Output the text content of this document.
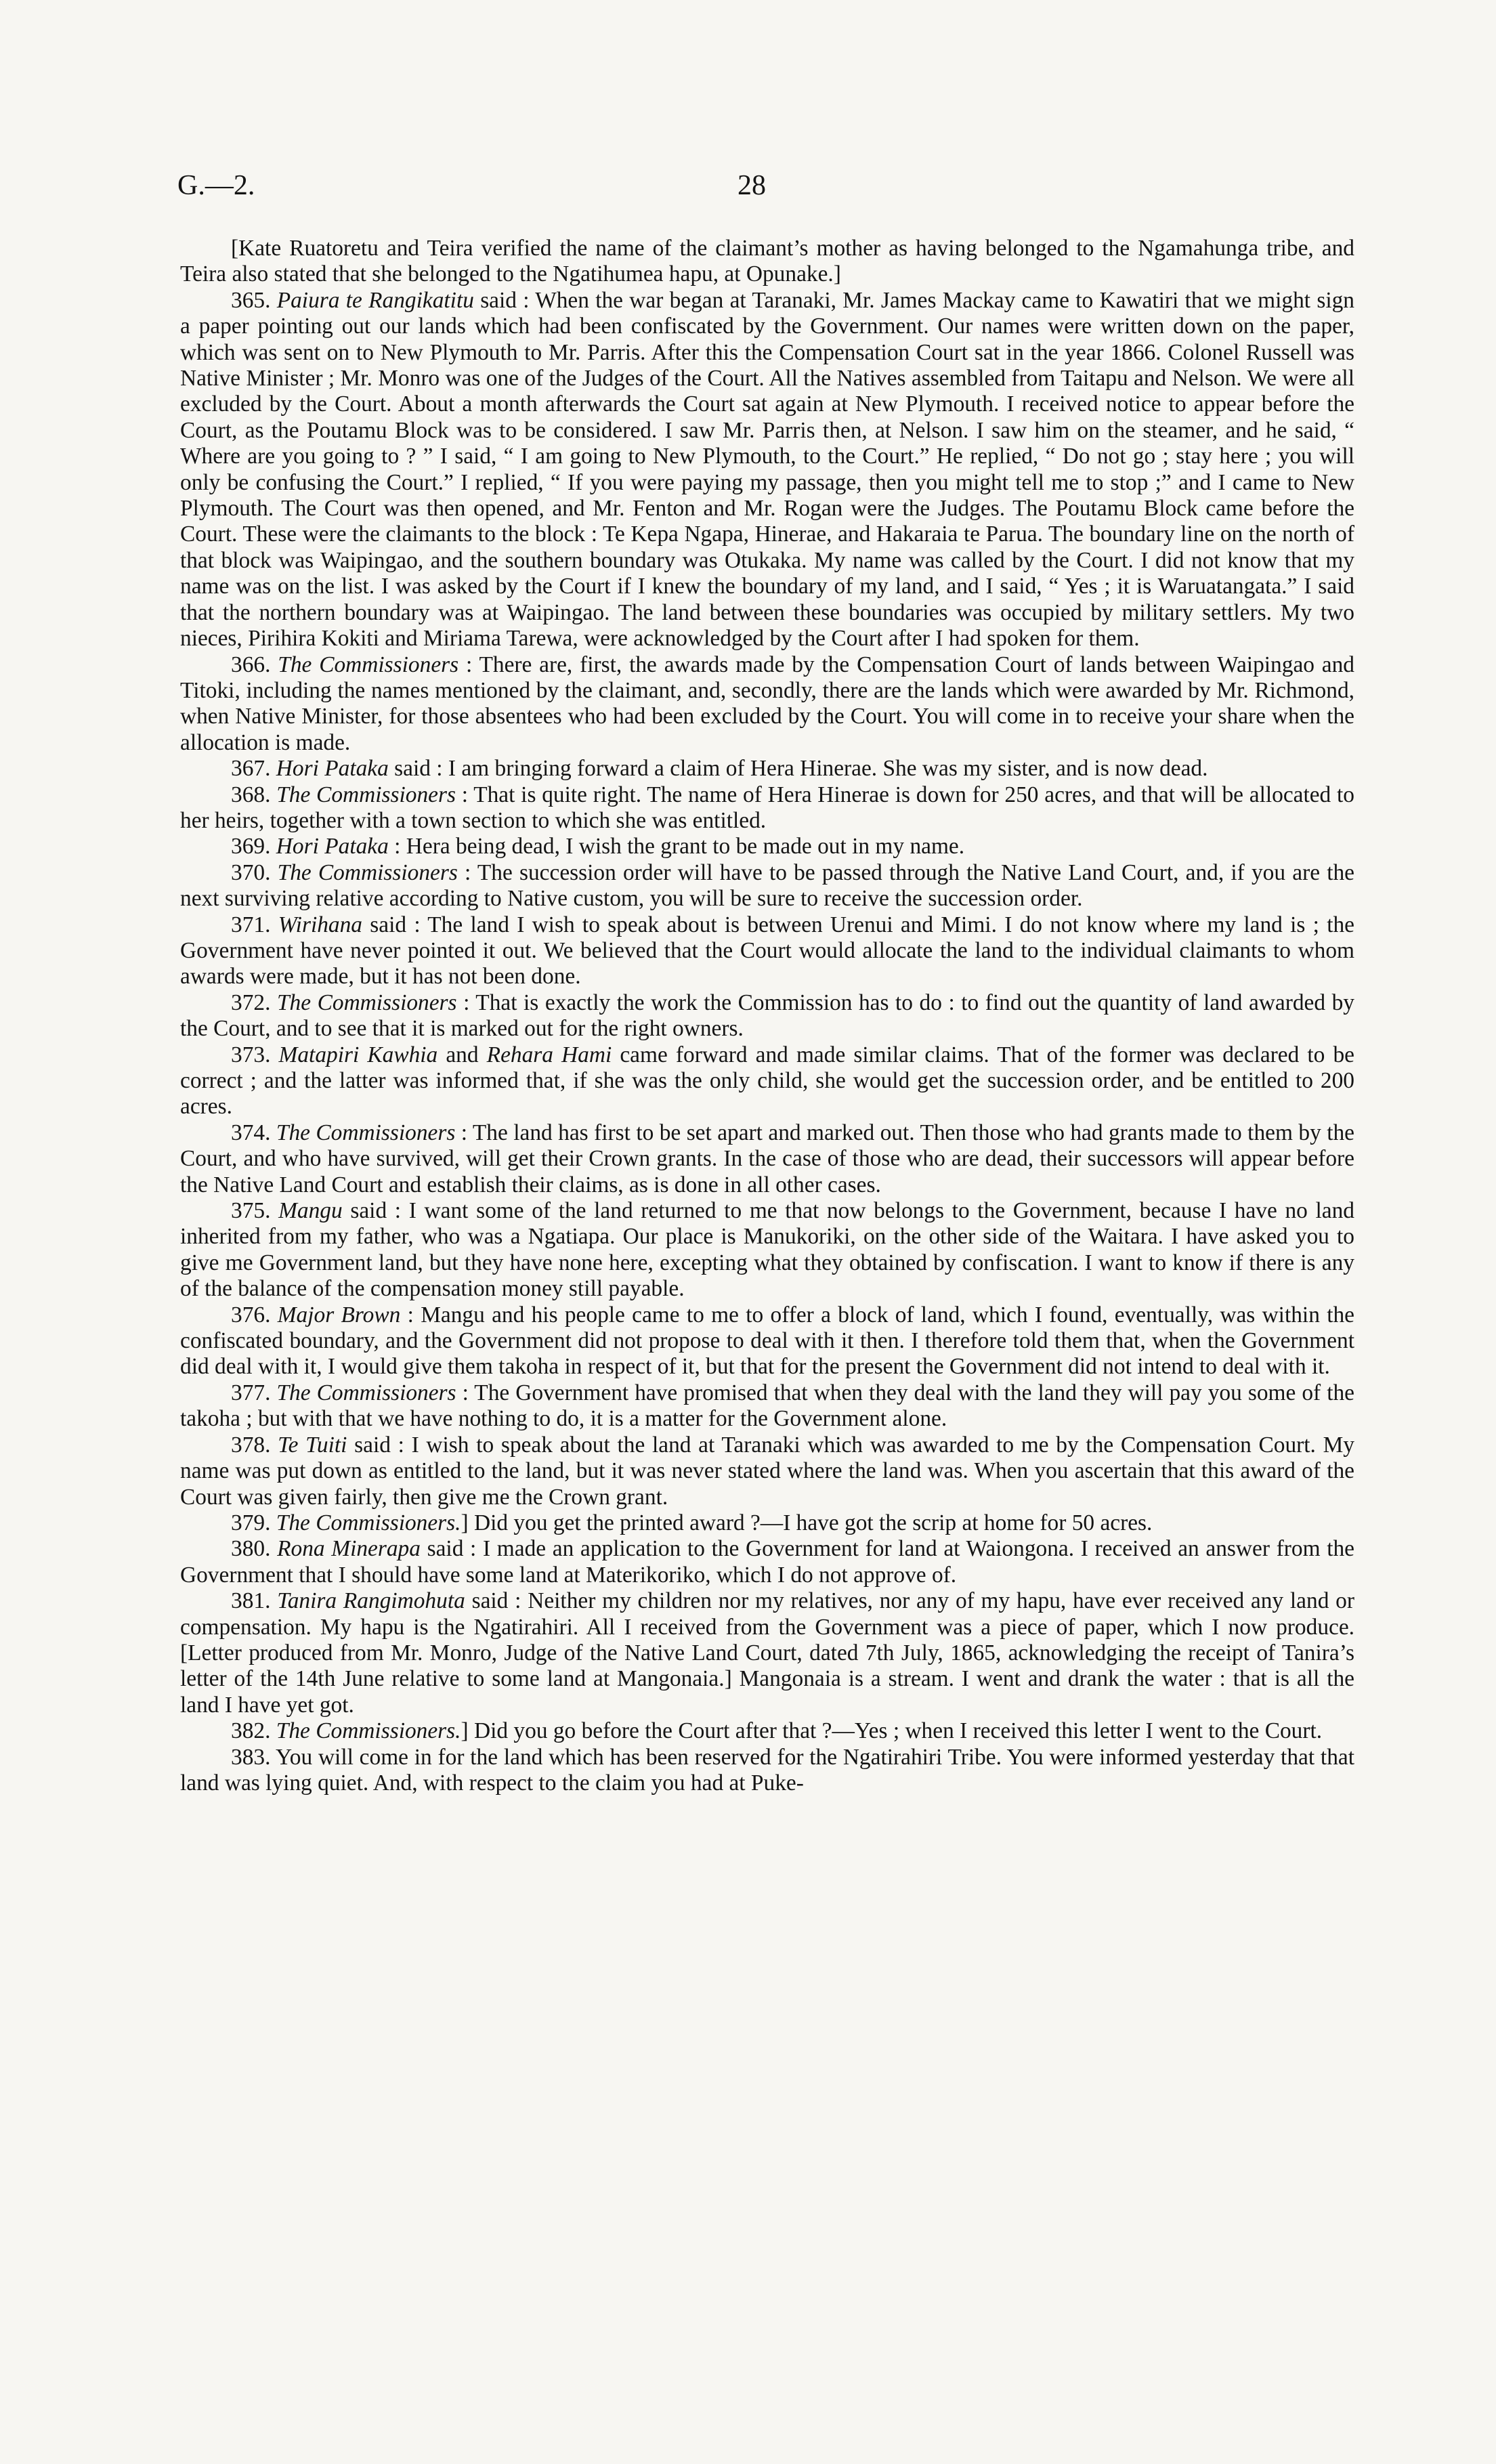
G.—2.	28

[Kate Ruatoretu and Teira verified the name of the claimant’s mother as having belonged to the Ngamahunga tribe, and Teira also stated that she belonged to the Ngatihumea hapu, at Opunake.]

365. Paiura te Rangikatitu said : When the war began at Taranaki, Mr. James Mackay came to Kawatiri that we might sign a paper pointing out our lands which had been confiscated by the Government. Our names were written down on the paper, which was sent on to New Plymouth to Mr. Parris. After this the Compensation Court sat in the year 1866. Colonel Russell was Native Minister ; Mr. Monro was one of the Judges of the Court. All the Natives assembled from Taitapu and Nelson. We were all excluded by the Court. About a month afterwards the Court sat again at New Plymouth. I received notice to appear before the Court, as the Poutamu Block was to be considered. I saw Mr. Parris then, at Nelson. I saw him on the steamer, and he said, “ Where are you going to ? ” I said, “ I am going to New Plymouth, to the Court.” He replied, “ Do not go ; stay here ; you will only be confusing the Court.” I replied, “ If you were paying my passage, then you might tell me to stop ;” and I came to New Plymouth. The Court was then opened, and Mr. Fenton and Mr. Rogan were the Judges. The Poutamu Block came before the Court. These were the claimants to the block : Te Kepa Ngapa, Hinerae, and Hakaraia te Parua. The boundary line on the north of that block was Waipingao, and the southern boundary was Otukaka. My name was called by the Court. I did not know that my name was on the list. I was asked by the Court if I knew the boundary of my land, and I said, “ Yes ; it is Waruatangata.” I said that the northern boundary was at Waipingao. The land between these boundaries was occupied by military settlers. My two nieces, Pirihira Kokiti and Miriama Tarewa, were acknowledged by the Court after I had spoken for them.

366. The Commissioners : There are, first, the awards made by the Compensation Court of lands between Waipingao and Titoki, including the names mentioned by the claimant, and, secondly, there are the lands which were awarded by Mr. Richmond, when Native Minister, for those absentees who had been excluded by the Court. You will come in to receive your share when the allocation is made.

367. Hori Pataka said : I am bringing forward a claim of Hera Hinerae. She was my sister, and is now dead.

368. The Commissioners : That is quite right. The name of Hera Hinerae is down for 250 acres, and that will be allocated to her heirs, together with a town section to which she was entitled.

369. Hori Pataka : Hera being dead, I wish the grant to be made out in my name.

370. The Commissioners : The succession order will have to be passed through the Native Land Court, and, if you are the next surviving relative according to Native custom, you will be sure to receive the succession order.

371. Wirihana said : The land I wish to speak about is between Urenui and Mimi. I do not know where my land is ; the Government have never pointed it out. We believed that the Court would allocate the land to the individual claimants to whom awards were made, but it has not been done.

372. The Commissioners : That is exactly the work the Commission has to do : to find out the quantity of land awarded by the Court, and to see that it is marked out for the right owners.

373. Matapiri Kawhia and Rehara Hami came forward and made similar claims. That of the former was declared to be correct ; and the latter was informed that, if she was the only child, she would get the succession order, and be entitled to 200 acres.

374. The Commissioners : The land has first to be set apart and marked out. Then those who had grants made to them by the Court, and who have survived, will get their Crown grants. In the case of those who are dead, their successors will appear before the Native Land Court and establish their claims, as is done in all other cases.

375. Mangu said : I want some of the land returned to me that now belongs to the Government, because I have no land inherited from my father, who was a Ngatiapa. Our place is Manukoriki, on the other side of the Waitara. I have asked you to give me Government land, but they have none here, excepting what they obtained by confiscation. I want to know if there is any of the balance of the compensation money still payable.

376. Major Brown : Mangu and his people came to me to offer a block of land, which I found, eventually, was within the confiscated boundary, and the Government did not propose to deal with it then. I therefore told them that, when the Government did deal with it, I would give them takoha in respect of it, but that for the present the Government did not intend to deal with it.

377. The Commissioners : The Government have promised that when they deal with the land they will pay you some of the takoha ; but with that we have nothing to do, it is a matter for the Government alone.

378. Te Tuiti said : I wish to speak about the land at Taranaki which was awarded to me by the Compensation Court. My name was put down as entitled to the land, but it was never stated where the land was. When you ascertain that this award of the Court was given fairly, then give me the Crown grant.

379. The Commissioners.] Did you get the printed award ?—I have got the scrip at home for 50 acres.

380. Rona Minerapa said : I made an application to the Government for land at Waiongona. I received an answer from the Government that I should have some land at Materikoriko, which I do not approve of.

381. Tanira Rangimohuta said : Neither my children nor my relatives, nor any of my hapu, have ever received any land or compensation. My hapu is the Ngatirahiri. All I received from the Government was a piece of paper, which I now produce. [Letter produced from Mr. Monro, Judge of the Native Land Court, dated 7th July, 1865, acknowledging the receipt of Tanira’s letter of the 14th June relative to some land at Mangonaia.] Mangonaia is a stream. I went and drank the water : that is all the land I have yet got.

382. The Commissioners.] Did you go before the Court after that ?—Yes ; when I received this letter I went to the Court.

383. You will come in for the land which has been reserved for the Ngatirahiri Tribe. You were informed yesterday that that land was lying quiet. And, with respect to the claim you had at Puke-
